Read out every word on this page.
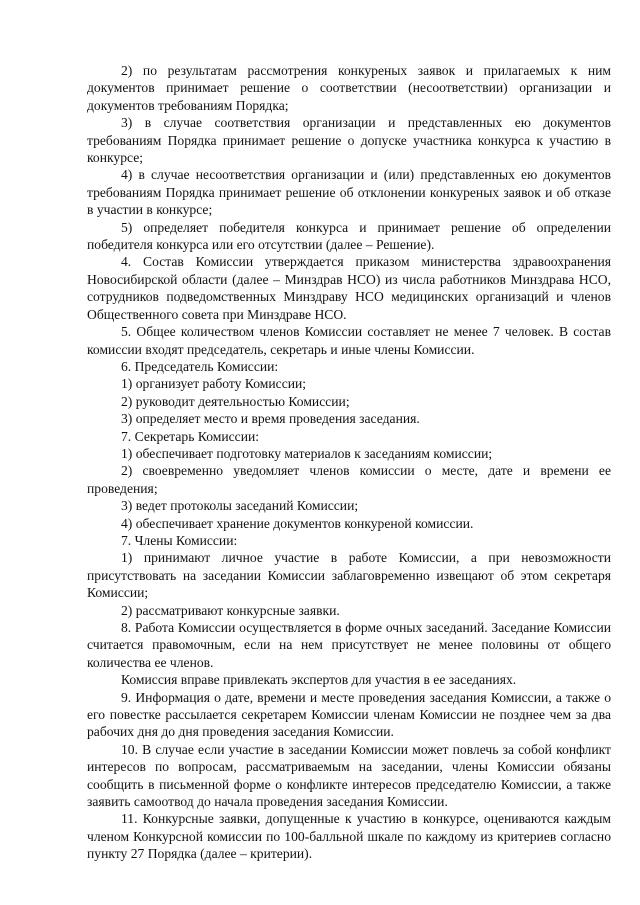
2) по результатам рассмотрения конкуреных заявок и прилагаемых к ним документов принимает решение о соответствии (несоответствии) организации и документов требованиям Порядка;

3) в случае соответствия организации и представленных ею документов требованиям Порядка принимает решение о допуске участника конкурса к участию в конкурсе;

4) в случае несоответствия организации и (или) представленных ею документов требованиям Порядка принимает решение об отклонении конкуреных заявок и об отказе в участии в конкурсе;

5) определяет победителя конкурса и принимает решение об определении победителя конкурса или его отсутствии (далее – Решение).

4. Состав Комиссии утверждается приказом министерства здравоохранения Новосибирской области (далее – Минздрав НСО) из числа работников Минздрава НСО, сотрудников подведомственных Минздраву НСО медицинских организаций и членов Общественного совета при Минздраве НСО.

5. Общее количеством членов Комиссии составляет не менее 7 человек. В состав комиссии входят председатель, секретарь и иные члены Комиссии.

6. Председатель Комиссии:

1) организует работу Комиссии;

2) руководит деятельностью Комиссии;

3) определяет место и время проведения заседания.

7. Секретарь Комиссии:

1) обеспечивает подготовку материалов к заседаниям комиссии;

2) своевременно уведомляет членов комиссии о месте, дате и времени ее проведения;

3) ведет протоколы заседаний Комиссии;

4) обеспечивает хранение документов конкуреной комиссии.

7. Члены Комиссии:

1) принимают личное участие в работе Комиссии, а при невозможности присутствовать на заседании Комиссии заблаговременно извещают об этом секретаря Комиссии;

2) рассматривают конкурсные заявки.

8. Работа Комиссии осуществляется в форме очных заседаний. Заседание Комиссии считается правомочным, если на нем присутствует не менее половины от общего количества ее членов.

Комиссия вправе привлекать экспертов для участия в ее заседаниях.

9. Информация о дате, времени и месте проведения заседания Комиссии, а также о его повестке рассылается секретарем Комиссии членам Комиссии не позднее чем за два рабочих дня до дня проведения заседания Комиссии.

10. В случае если участие в заседании Комиссии может повлечь за собой конфликт интересов по вопросам, рассматриваемым на заседании, члены Комиссии обязаны сообщить в письменной форме о конфликте интересов председателю Комиссии, а также заявить самоотвод до начала проведения заседания Комиссии.

11. Конкурсные заявки, допущенные к участию в конкурсе, оцениваются каждым членом Конкурсной комиссии по 100-балльной шкале по каждому из критериев согласно пункту 27 Порядка (далее – критерии).
